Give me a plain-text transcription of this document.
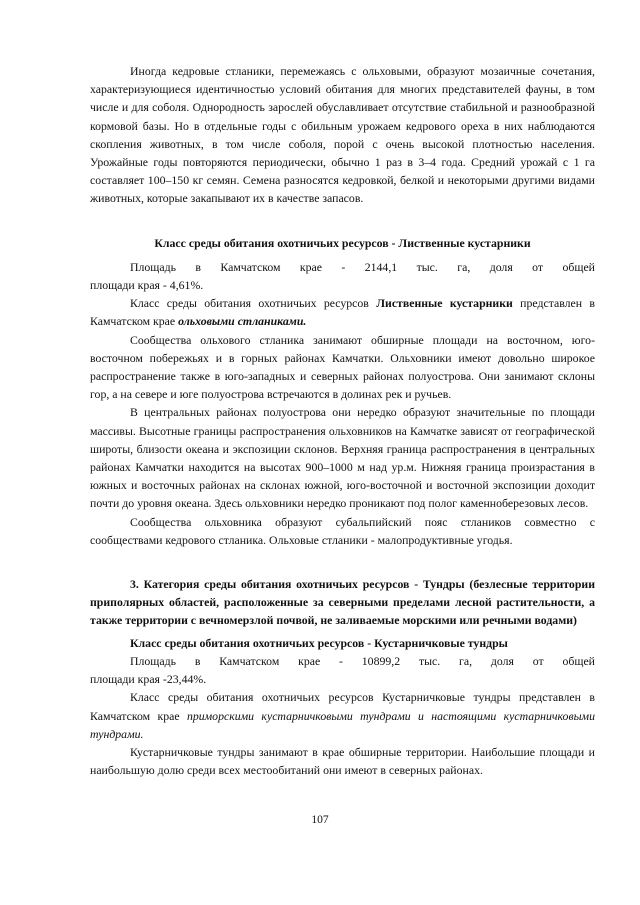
Иногда кедровые стланики, перемежаясь с ольховыми, образуют мозаичные сочетания, характеризующиеся идентичностью условий обитания для многих представителей фауны, в том числе и для соболя. Однородность зарослей обуславливает отсутствие стабильной и разнообразной кормовой базы. Но в отдельные годы с обильным урожаем кедрового ореха в них наблюдаются скопления животных, в том числе соболя, порой с очень высокой плотностью населения. Урожайные годы повторяются периодически, обычно 1 раз в 3–4 года. Средний урожай с 1 га составляет 100–150 кг семян. Семена разносятся кедровкой, белкой и некоторыми другими видами животных, которые закапывают их в качестве запасов.

Класс среды обитания охотничьих ресурсов - Лиственные кустарники

Площадь в Камчатском крае - 2144,1 тыс. га, доля от общей

площади края - 4,61%.

Класс среды обитания охотничьих ресурсов Лиственные кустарники представлен в Камчатском крае ольховыми стланиками.

Сообщества ольхового стланика занимают обширные площади на восточном, юго-восточном побережьях и в горных районах Камчатки. Ольховники имеют довольно широкое распространение также в юго-западных и северных районах полуострова. Они занимают склоны гор, а на севере и юге полуострова встречаются в долинах рек и ручьев.

В центральных районах полуострова они нередко образуют значительные по площади массивы. Высотные границы распространения ольховников на Камчатке зависят от географической широты, близости океана и экспозиции склонов. Верхняя граница распространения в центральных районах Камчатки находится на высотах 900–1000 м над ур.м. Нижняя граница произрастания в южных и восточных районах на склонах южной, юго-восточной и восточной экспозиции доходит почти до уровня океана. Здесь ольховники нередко проникают под полог каменноберезовых лесов.

Сообщества ольховника образуют субальпийский пояс стлаников совместно с сообществами кедрового стланика. Ольховые стланики - малопродуктивные угодья.

3. Категория среды обитания охотничьих ресурсов - Тундры (безлесные территории приполярных областей, расположенные за северными пределами лесной растительности, а также территории с вечномерзлой почвой, не заливаемые морскими или речными водами)

Класс среды обитания охотничьих ресурсов - Кустарничковые тундры

Площадь в Камчатском крае - 10899,2 тыс. га, доля от общей

площади края -23,44%.

Класс среды обитания охотничьих ресурсов Кустарничковые тундры представлен в Камчатском крае приморскими кустарничковыми тундрами и настоящими кустарничковыми тундрами.

Кустарничковые тундры занимают в крае обширные территории. Наибольшие площади и наибольшую долю среди всех местообитаний они имеют в северных районах.

107
